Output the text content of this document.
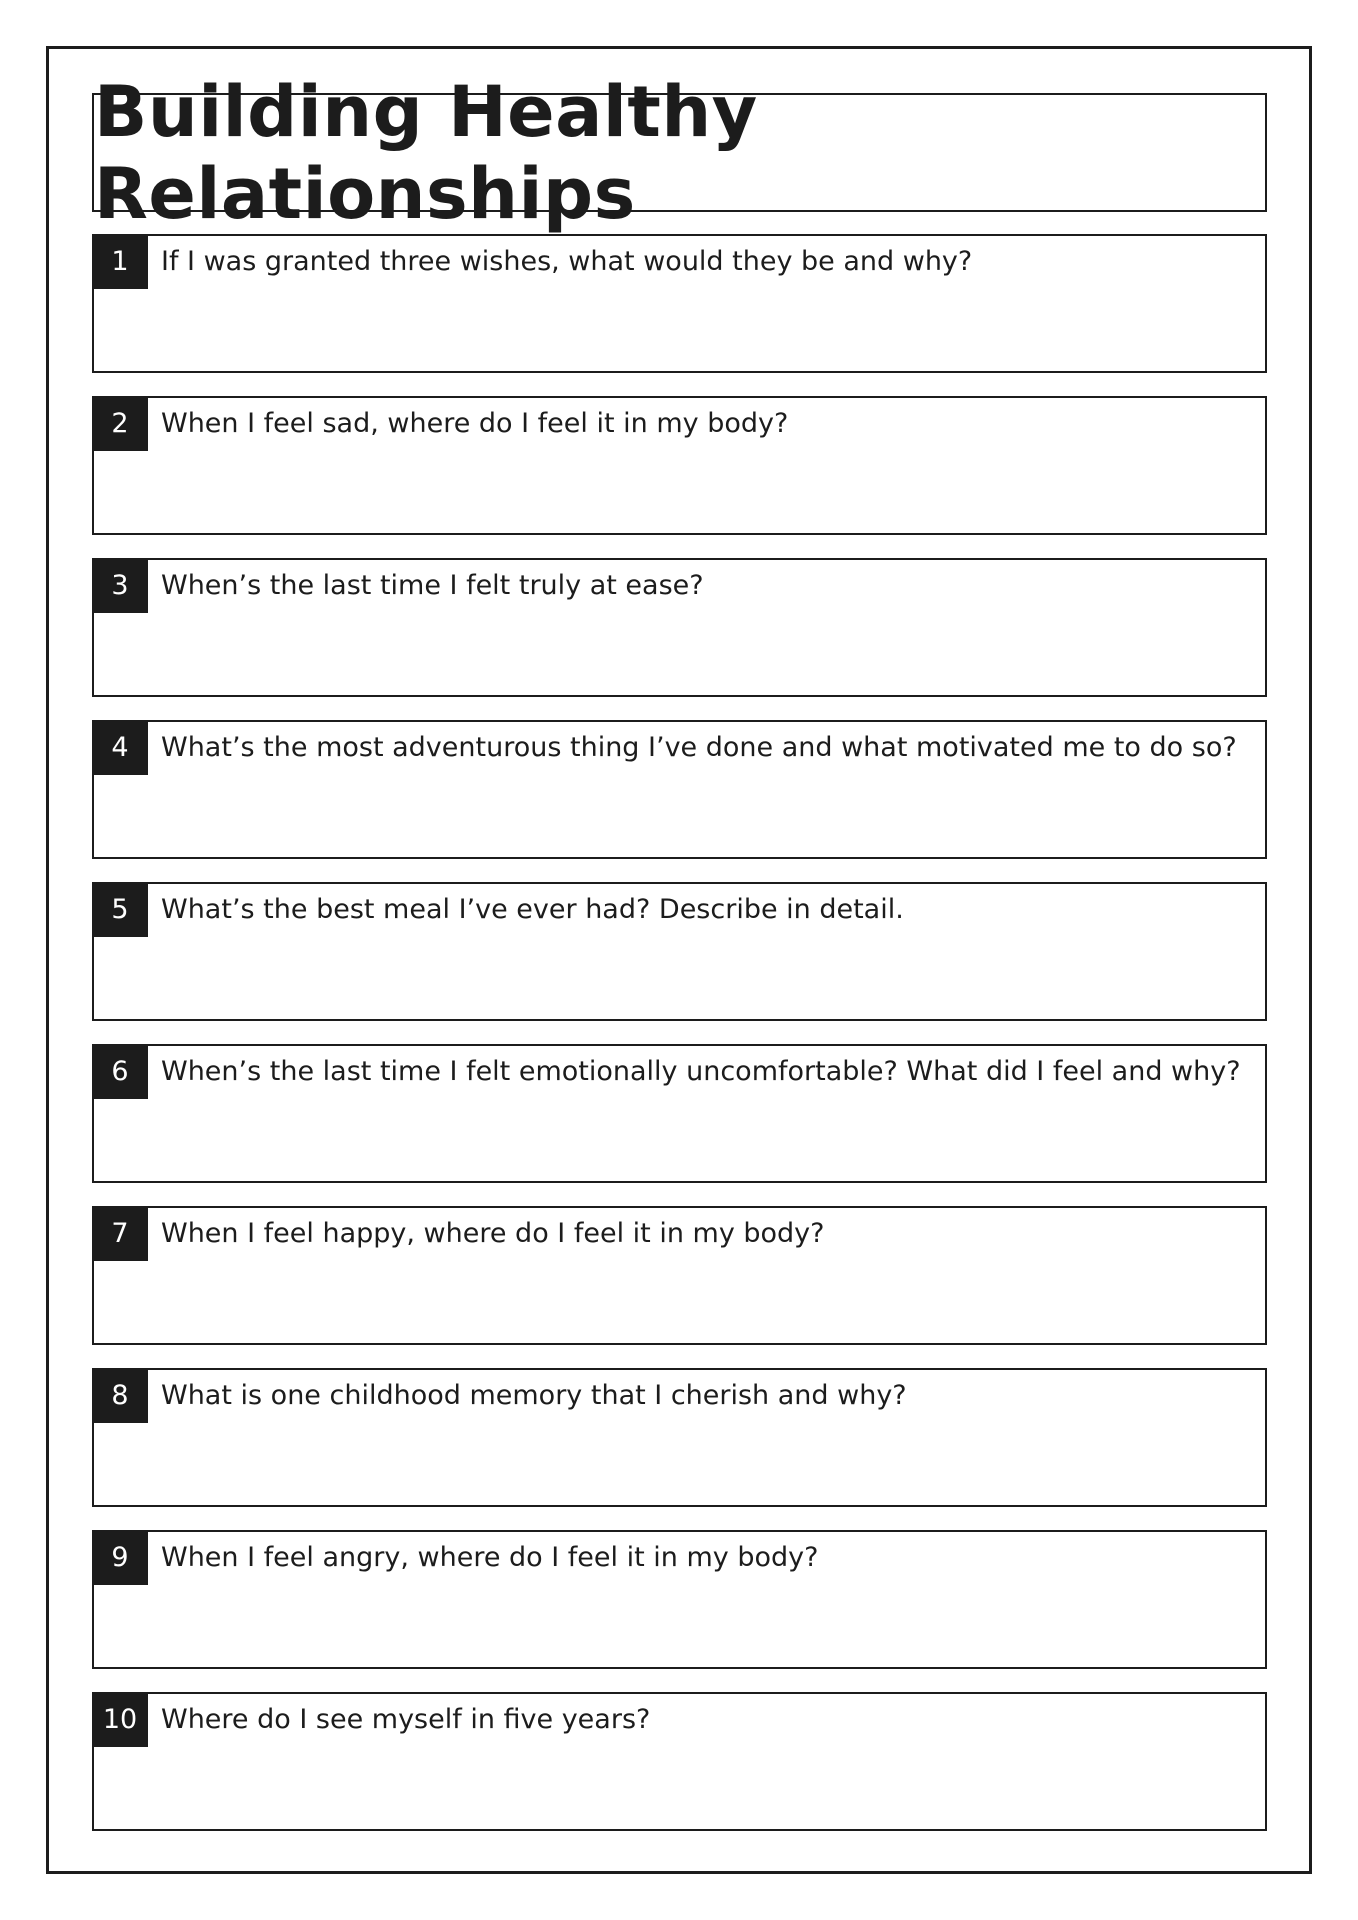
Building Healthy Relationships
1	If I was granted three wishes, what would they be and why?
2	When I feel sad, where do I feel it in my body?
3	When’s the last time I felt truly at ease?
4	What’s the most adventurous thing I’ve done and what motivated me to do so?
5	What’s the best meal I’ve ever had? Describe in detail.
6	When’s the last time I felt emotionally uncomfortable? What did I feel and why?
7	When I feel happy, where do I feel it in my body?
8	What is one childhood memory that I cherish and why?
9	When I feel angry, where do I feel it in my body?
10 Where do I see myself in five years?
